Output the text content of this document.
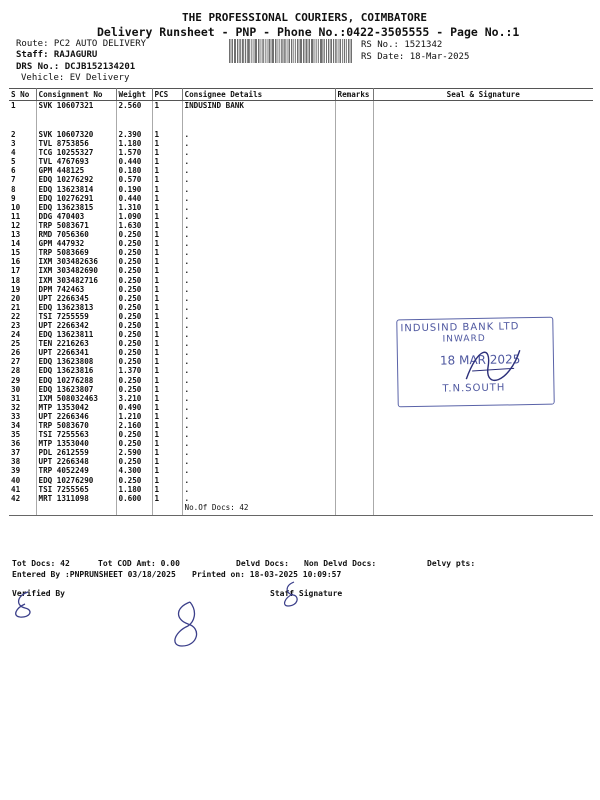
THE PROFESSIONAL COURIERS, COIMBATORE
Delivery Runsheet - PNP - Phone No.:0422-3505555 - Page No.:1
Route: PC2 AUTO DELIVERY
Staff: RAJAGURU
DRS No.: DCJB152134201
Vehicle: EV Delivery
RS No.: 1521342
RS Date: 18-Mar-2025
S No	Consignment No	Weight	PCS	Consignee Details	Remarks	Seal & Signature
1	SVK 10607321	2.560	1	INDUSIND BANK		
2	SVK 10607320	2.390	1	.		
3	TVL 8753856	1.180	1	.		
4	TCG 10255327	1.570	1	.		
5	TVL 4767693	0.440	1	.		
6	GPM 448125	0.180	1	.		
7	EDQ 10276292	0.570	1	.		
8	EDQ 13623814	0.190	1	.		
9	EDQ 10276291	0.440	1	.		
10	EDQ 13623815	1.310	1	.		
11	DDG 470403	1.090	1	.		
12	TRP 5083671	1.630	1	.		
13	RMD 7056360	0.250	1	.		
14	GPM 447932	0.250	1	.		
15	TRP 5083669	0.250	1	.		
16	IXM 303482636	0.250	1	.		
17	IXM 303482690	0.250	1	.		
18	IXM 303482716	0.250	1	.		
19	DPM 742463	0.250	1	.		
20	UPT 2266345	0.250	1	.		
21	EDQ 13623813	0.250	1	.		
22	TSI 7255559	0.250	1	.		
23	UPT 2266342	0.250	1	.		
24	EDQ 13623811	0.250	1	.		
25	TEN 2216263	0.250	1	.		
26	UPT 2266341	0.250	1	.		
27	EDQ 13623808	0.250	1	.		
28	EDQ 13623816	1.370	1	.		
29	EDQ 10276288	0.250	1	.		
30	EDQ 13623807	0.250	1	.		
31	IXM 508032463	3.210	1	.		
32	MTP 1353042	0.490	1	.		
33	UPT 2266346	1.210	1	.		
34	TRP 5083670	2.160	1	.		
35	TSI 7255563	0.250	1	.		
36	MTP 1353040	0.250	1	.		
37	PDL 2612559	2.590	1	.		
38	UPT 2266348	0.250	1	.		
39	TRP 4052249	4.300	1	.		
40	EDQ 10276290	0.250	1	.		
41	TSI 7255565	1.180	1	.		
42	MRT 1311098	0.600	1	.		
				No.Of Docs: 42		
INDUSIND BANK LTD
INWARD
18 MAR 2025
T.N.SOUTH
Tot Docs: 42	Tot COD Amt: 0.00	Delvd Docs: Non Delvd Docs:	Delvy pts:
Entered By :PNPRUNSHEET 03/18/2025 Printed on: 18-03-2025 10:09:57
Verified By	Staff Signature
